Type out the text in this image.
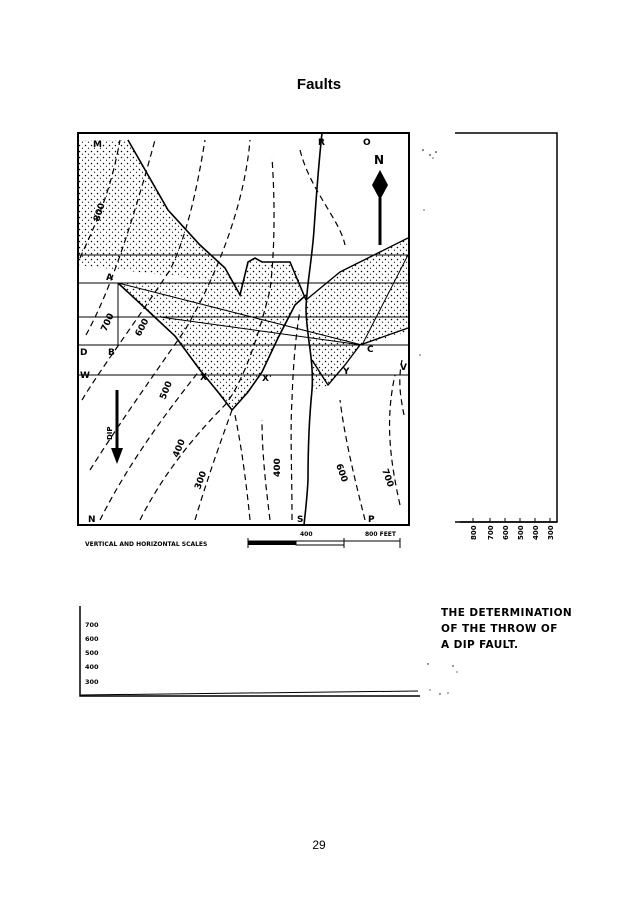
Faults
M	R	O
N
A
B
D	C
W
V
X	X'
Y
DIP
N	S	P
800
700 600
500
400
300
400	600	700
VERTICAL AND HORIZONTAL SCALES
400	800 FEET	800 700 600 500 400 300
700
600
500
400
300
THE DETERMINATION
OF THE THROW OF
A DIP FAULT.
29
